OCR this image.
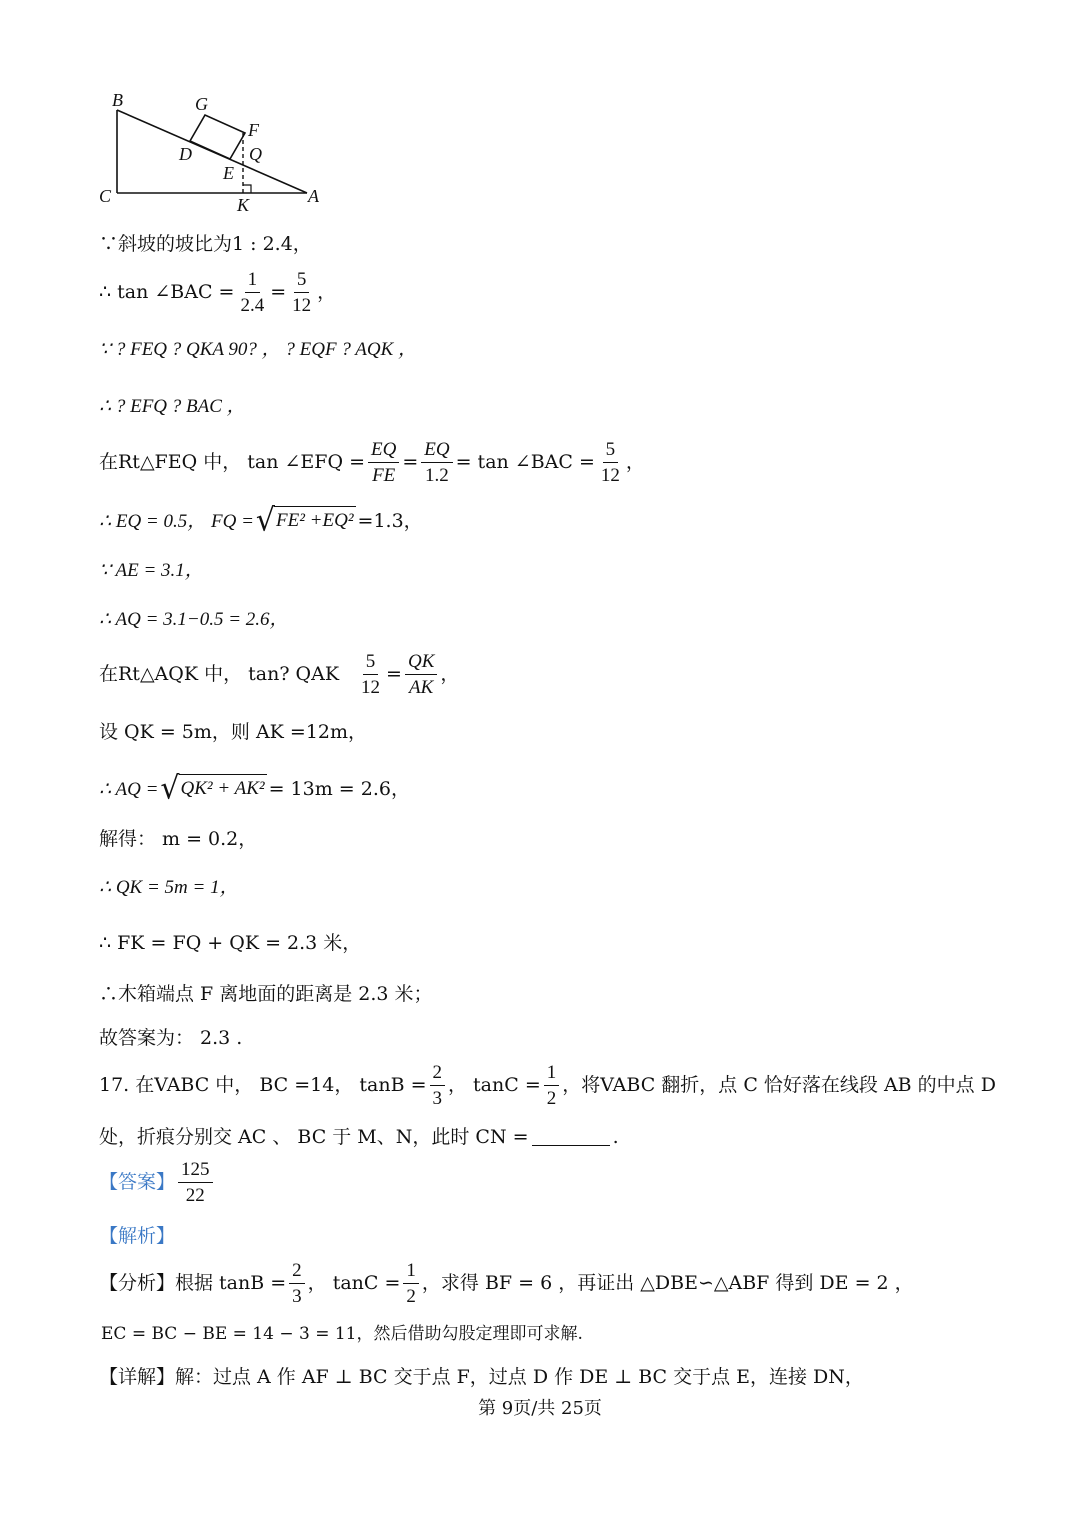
B	G
F
D	Q
E
C	K	A
∵斜坡的坡比为1 : 2.4，
∴ tan ∠BAC = $\frac{1}{2.4} = \frac{5}{12}$ ，
∵ ? FEQ ? QKA 90? ， ? EQF ? AQK ，
∴ ? EFQ ? BAC ，
在Rt△FEQ 中， tan ∠EFQ = $\frac{EQ}{FE} = \frac{EQ}{1.2} = \tan$ ∠BAC = $\frac{5}{12}$ ，
∴ EQ = 0.5， FQ = √ FE² +EQ² =1.3，
∵ AE = 3.1，
∴ AQ = 3.1−0.5 = 2.6，
在Rt△AQK 中， tan? QAK $\frac{5}{12} = \frac{QK}{AK}$ ，
设 QK = 5m，则 AK =12m，
∴ AQ = √ QK² + AK² = 13m = 2.6，
解得： m = 0.2，
∴ QK = 5m = 1，
∴ FK = FQ + QK = 2.3 米，
∴木箱端点 F 离地面的距离是 2.3 米；
故答案为： 2.3 .
17. 在VABC 中， BC =14， $\tan B = \frac{2}{3}$ ， $\tan C = \frac{1}{2}$ ，将VABC 翻折，点 C 恰好落在线段 AB 的中点 D
处，折痕分别交 AC 、 BC 于 M、N，此时 CN =	.
【答案】 $\frac{125}{22}$
【解析】
【分析】根据 $\tan B = \frac{2}{3}$ ， $\tan C = \frac{1}{2}$ ，求得 BF = 6 ，再证出 △DBE∽△ABF 得到 DE = 2 ，
EC = BC − BE = 14 − 3 = 11，然后借助勾股定理即可求解.
【详解】解：过点 A 作 AF ⊥ BC 交于点 F，过点 D 作 DE ⊥ BC 交于点 E，连接 DN，
第 9页/共 25页
